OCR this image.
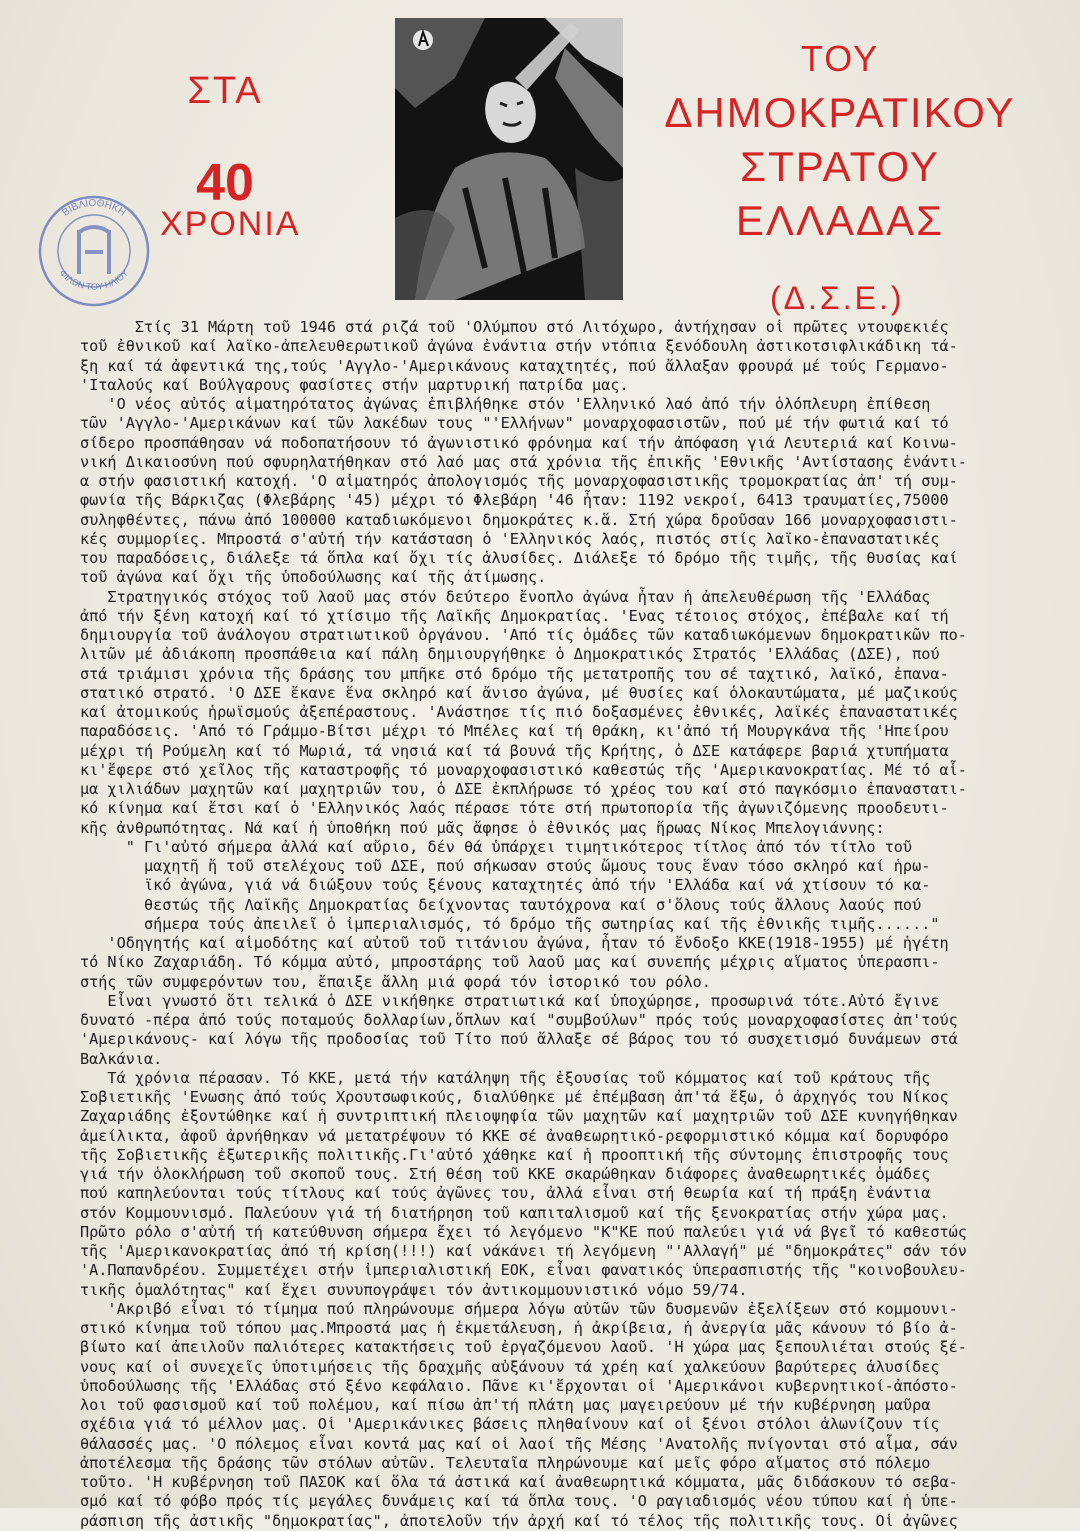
ΒΙΒΛΙΟΘΗΚΗ
ΦΙΛΩΝ ΤΟΥ ΗΛΙΟΥ
ΣΤΑ
40
ΧΡΟΝΙΑ
ΤΟΥ
ΔΗΜΟΚΡΑΤΙΚΟΥ
ΣΤΡΑΤΟΥ
ΕΛΛΑΔΑΣ
(Δ.Σ.Ε.)
Στίς 31 Μάρτη τοῦ 1946 στά ριζά τοῦ 'Ολύμπου στό Λιτόχωρο, ἀντήχησαν οἱ πρῶτες ντουφεκιές
τοῦ ἐθνικοῦ καί λαϊκο-ἀπελευθερωτικοῦ ἀγώνα ἐνάντια στήν ντόπια ξενόδουλη ἀστικοτσιφλικάδικη τά-
ξη καί τά ἀφεντικά της,τούς 'Αγγλο-'Αμερικάνους καταχτητές, πού ἄλλαξαν φρουρά μέ τούς Γερμανο-
'Ιταλούς καί Βούλγαρους φασίστες στήν μαρτυρική πατρίδα μας.
'Ο νέος αὐτός αἱματηρότατος ἀγώνας ἐπιβλήθηκε στόν 'Ελληνικό λαό ἀπό τήν ὁλόπλευρη ἐπίθεση
τῶν 'Αγγλο-'Αμερικάνων καί τῶν λακέδων τους "'Ελλήνων" μοναρχοφασιστῶν, πού μέ τήν φωτιά καί τό
σίδερο προσπάθησαν νά ποδοπατήσουν τό ἀγωνιστικό φρόνημα καί τήν ἀπόφαση γιά Λευτεριά καί Κοινω-
νική Δικαιοσύνη πού σφυρηλατήθηκαν στό λαό μας στά χρόνια τῆς ἐπικῆς 'Εθνικῆς 'Αντίστασης ἐνάντι-
α στήν φασιστική κατοχή. 'Ο αἱματηρός ἀπολογισμός τῆς μοναρχοφασιστικῆς τρομοκρατίας ἀπ' τή συμ-
φωνία τῆς Βάρκιζας (Φλεβάρης '45) μέχρι τό Φλεβάρη '46 ἦταν: 1192 νεκροί, 6413 τραυματίες,75000
συληφθέντες, πάνω ἀπό 100000 καταδιωκόμενοι δημοκράτες κ.ἅ. Στή χώρα δροῦσαν 166 μοναρχοφασιστι-
κές συμμορίες. Μπροστά σ'αὐτή τήν κατάσταση ὁ 'Ελληνικός λαός, πιστός στίς λαϊκο-ἐπαναστατικές
του παραδόσεις, διάλεξε τά ὅπλα καί ὄχι τίς ἁλυσίδες. Διάλεξε τό δρόμο τῆς τιμῆς, τῆς θυσίας καί
τοῦ ἀγώνα καί ὄχι τῆς ὑποδούλωσης καί τῆς ἀτίμωσης.
Στρατηγικός στόχος τοῦ λαοῦ μας στόν δεύτερο ἔνοπλο ἀγώνα ἦταν ἡ ἀπελευθέρωση τῆς 'Ελλάδας
ἀπό τήν ξένη κατοχή καί τό χτίσιμο τῆς Λαϊκῆς Δημοκρατίας. 'Ενας τέτοιος στόχος, ἐπέβαλε καί τή
δημιουργία τοῦ ἀνάλογου στρατιωτικοῦ ὀργάνου. 'Από τίς ὁμάδες τῶν καταδιωκόμενων δημοκρατικῶν πο-
λιτῶν μέ ἀδιάκοπη προσπάθεια καί πάλη δημιουργήθηκε ὁ Δημοκρατικός Στρατός 'Ελλάδας (ΔΣΕ), πού
στά τριάμισι χρόνια τῆς δράσης του μπῆκε στό δρόμο τῆς μετατροπῆς του σέ ταχτικό, λαϊκό, ἐπανα-
στατικό στρατό. 'Ο ΔΣΕ ἔκανε ἕνα σκληρό καί ἄνισο ἀγώνα, μέ θυσίες καί ὁλοκαυτώματα, μέ μαζικούς
καί ἀτομικούς ἡρωϊσμούς ἀξεπέραστους. 'Ανάστησε τίς πιό δοξασμένες ἐθνικές, λαϊκές ἐπαναστατικές
παραδόσεις. 'Από τό Γράμμο-Βίτσι μέχρι τό Μπέλες καί τή Θράκη, κι'ἀπό τή Μουργκάνα τῆς 'Ηπείρου
μέχρι τή Ρούμελη καί τό Μωριά, τά νησιά καί τά βουνά τῆς Κρήτης, ὁ ΔΣΕ κατάφερε βαριά χτυπήματα
κι'ἔφερε στό χεῖλος τῆς καταστροφῆς τό μοναρχοφασιστικό καθεστώς τῆς 'Αμερικανοκρατίας. Μέ τό αἷ-
μα χιλιάδων μαχητῶν καί μαχητριῶν του, ὁ ΔΣΕ ἐκπλήρωσε τό χρέος του καί στό παγκόσμιο ἐπαναστατι-
κό κίνημα καί ἔτσι καί ὁ 'Ελληνικός λαός πέρασε τότε στή πρωτοπορία τῆς ἀγωνιζόμενης προοδευτι-
κῆς ἀνθρωπότητας. Νά καί ἡ ὑποθήκη πού μᾶς ἄφησε ὁ ἐθνικός μας ἥρωας Νίκος Μπελογιάννης:
" Γι'αὐτό σήμερα ἀλλά καί αὔριο, δέν θά ὑπάρχει τιμητικότερος τίτλος ἀπό τόν τίτλο τοῦ
μαχητῆ ἤ τοῦ στελέχους τοῦ ΔΣΕ, πού σήκωσαν στούς ὤμους τους ἕναν τόσο σκληρό καί ἡρω-
ϊκό ἀγώνα, γιά νά διώξουν τούς ξένους καταχτητές ἀπό τήν 'Ελλάδα καί νά χτίσουν τό κα-
θεστώς τῆς Λαϊκῆς Δημοκρατίας δείχνοντας ταυτόχρονα καί σ'ὅλους τούς ἄλλους λαούς πού
σήμερα τούς ἀπειλεῖ ὁ ἰμπεριαλισμός, τό δρόμο τῆς σωτηρίας καί τῆς ἐθνικῆς τιμῆς......"
'Οδηγητής καί αἱμοδότης καί αὐτοῦ τοῦ τιτάνιου ἀγώνα, ἦταν τό ἔνδοξο ΚΚΕ(1918-1955) μέ ἡγέτη
τό Νίκο Ζαχαριάδη. Τό κόμμα αὐτό, μπροστάρης τοῦ λαοῦ μας καί συνεπής μέχρις αἵματος ὑπερασπι-
στής τῶν συμφερόντων του, ἔπαιξε ἄλλη μιά φορά τόν ἱστορικό του ρόλο.
Εἶναι γνωστό ὅτι τελικά ὁ ΔΣΕ νικήθηκε στρατιωτικά καί ὑποχώρησε, προσωρινά τότε.Αὐτό ἔγινε
δυνατό -πέρα ἀπό τούς ποταμούς δολλαρίων,ὅπλων καί "συμβούλων" πρός τούς μοναρχοφασίστες ἀπ'τούς
'Αμερικάνους- καί λόγω τῆς προδοσίας τοῦ Τίτο πού ἄλλαξε σέ βάρος του τό συσχετισμό δυνάμεων στά
Βαλκάνια.
Τά χρόνια πέρασαν. Τό ΚΚΕ, μετά τήν κατάληψη τῆς ἐξουσίας τοῦ κόμματος καί τοῦ κράτους τῆς
Σοβιετικῆς 'Ενωσης ἀπό τούς Χρουτσωφικούς, διαλύθηκε μέ ἐπέμβαση ἀπ'τά ἔξω, ὁ ἀρχηγός του Νίκος
Ζαχαριάδης ἐξοντώθηκε καί ἡ συντριπτική πλειοψηφία τῶν μαχητῶν καί μαχητριῶν τοῦ ΔΣΕ κυνηγήθηκαν
ἀμείλικτα, ἀφοῦ ἀρνήθηκαν νά μετατρέψουν τό ΚΚΕ σέ ἀναθεωρητικό-ρεφορμιστικό κόμμα καί δορυφόρο
τῆς Σοβιετικῆς ἐξωτερικῆς πολιτικῆς.Γι'αὐτό χάθηκε καί ἡ προοπτική τῆς σύντομης ἐπιστροφῆς τους
γιά τήν ὁλοκλήρωση τοῦ σκοποῦ τους. Στή θέση τοῦ ΚΚΕ σκαρώθηκαν διάφορες ἀναθεωρητικές ὁμάδες
πού καπηλεύονται τούς τίτλους καί τούς ἀγῶνες του, ἀλλά εἶναι στή θεωρία καί τή πράξη ἐνάντια
στόν Κομμουνισμό. Παλεύουν γιά τή διατήρηση τοῦ καπιταλισμοῦ καί τῆς ξενοκρατίας στήν χώρα μας.
Πρῶτο ρόλο σ'αὐτή τή κατεύθυνση σήμερα ἔχει τό λεγόμενο "Κ"ΚΕ πού παλεύει γιά νά βγεῖ τό καθεστώς
τῆς 'Αμερικανοκρατίας ἀπό τή κρίση(!!!) καί νάκάνει τή λεγόμενη "'Αλλαγή" μέ "δημοκράτες" σάν τόν
'Α.Παπανδρέου. Συμμετέχει στήν ἰμπεριαλιστική ΕΟΚ, εἶναι φανατικός ὑπερασπιστής τῆς "κοινοβουλευ-
τικῆς ὁμαλότητας" καί ἔχει συνυπογράψει τόν ἀντικομμουνιστικό νόμο 59/74.
'Ακριβό εἶναι τό τίμημα πού πληρώνουμε σήμερα λόγω αὐτῶν τῶν δυσμενῶν ἐξελίξεων στό κομμουνι-
στικό κίνημα τοῦ τόπου μας.Μπροστά μας ἡ ἐκμετάλευση, ἡ ἀκρίβεια, ἡ ἀνεργία μᾶς κάνουν τό βίο ἀ-
βίωτο καί ἀπειλοῦν παλιότερες κατακτήσεις τοῦ ἐργαζόμενου λαοῦ. 'Η χώρα μας ξεπουλιέται στούς ξέ-
νους καί οἱ συνεχεῖς ὑποτιμήσεις τῆς δραχμῆς αὐξάνουν τά χρέη καί χαλκεύουν βαρύτερες ἁλυσίδες
ὑποδούλωσης τῆς 'Ελλάδας στό ξένο κεφάλαιο. Πᾶνε κι'ἔρχονται οἱ 'Αμερικάνοι κυβερνητικοί-ἀπόστο-
λοι τοῦ φασισμοῦ καί τοῦ πολέμου, καί πίσω ἀπ'τή πλάτη μας μαγειρεύουν μέ τήν κυβέρνηση μαῦρα
σχέδια γιά τό μέλλον μας. Οἱ 'Αμερικάνικες βάσεις πληθαίνουν καί οἱ ξένοι στόλοι ἁλωνίζουν τίς
θάλασσές μας. 'Ο πόλεμος εἶναι κοντά μας καί οἱ λαοί τῆς Μέσης 'Ανατολῆς πνίγονται στό αἷμα, σάν
ἀποτέλεσμα τῆς δράσης τῶν στόλων αὐτῶν. Τελευταῖα πληρώνουμε καί μεῖς φόρο αἵματος στό πόλεμο
τοῦτο. 'Η κυβέρνηση τοῦ ΠΑΣΟΚ καί ὅλα τά ἀστικά καί ἀναθεωρητικά κόμματα, μᾶς διδάσκουν τό σεβα-
σμό καί τό φόβο πρός τίς μεγάλες δυνάμεις καί τά ὅπλα τους. 'Ο ραγιαδισμός νέου τύπου καί ἡ ὑπε-
ράσπιση τῆς ἀστικῆς "δημοκρατίας", ἀποτελοῦν τήν ἀρχή καί τό τέλος τῆς πολιτικῆς τους. Οἱ ἀγῶνες
